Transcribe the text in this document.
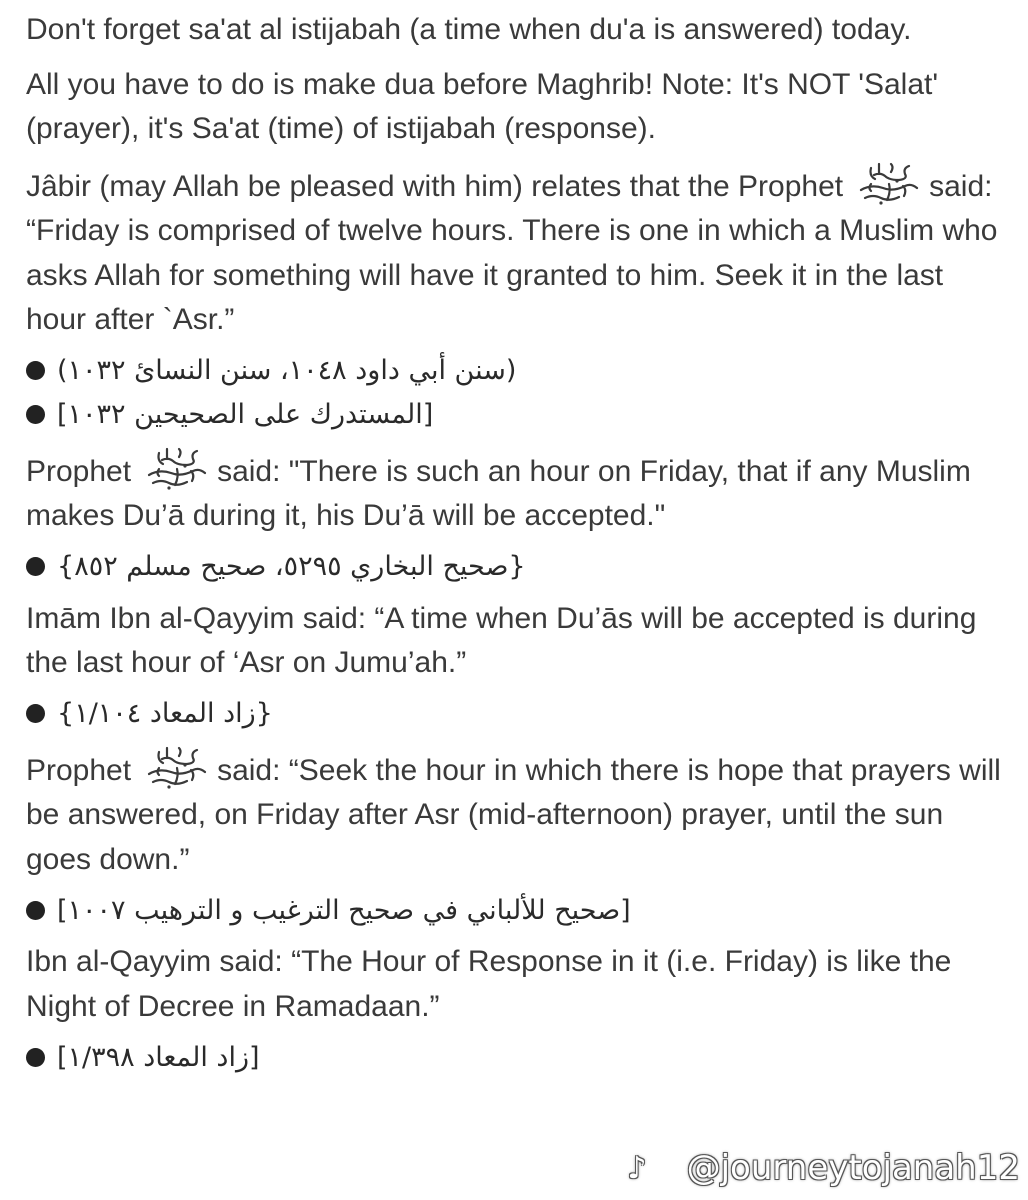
Don't forget sa'at al istijabah (a time when du'a is answered) today.

All you have to do is make dua before Maghrib! Note: It's NOT 'Salat' (prayer), it's Sa'at (time) of istijabah (response).

Jâbir (may Allah be pleased with him) relates that the Prophet	said: “Friday is comprised of twelve hours. There is one in which a Muslim who asks Allah for something will have it granted to him. Seek it in the last hour after `Asr.”

(سنن أبي داود ١٠٤٨، سنن النسائ ١٠٣٢)
[المستدرك على الصحيحين ١٠٣٢]

Prophet	said: "There is such an hour on Friday, that if any Muslim makes Du’ā during it, his Du’ā will be accepted."

{صحيح البخاري ٥٢٩٥، صحيح مسلم ٨٥٢}

Imām Ibn al-Qayyim said: “A time when Du’ās will be accepted is during the last hour of ‘Asr on Jumu’ah.”

{زاد المعاد ١/١٠٤}

Prophet	said: “Seek the hour in which there is hope that prayers will be answered, on Friday after Asr (mid-afternoon) prayer, until the sun goes down.”

[صحيح للألباني في صحيح الترغيب و الترهيب ١٠٠٧]

Ibn al-Qayyim said: “The Hour of Response in it (i.e. Friday) is like the Night of Decree in Ramadaan.”

[زاد المعاد ١/٣٩٨]
♪ @journeytojanah12
